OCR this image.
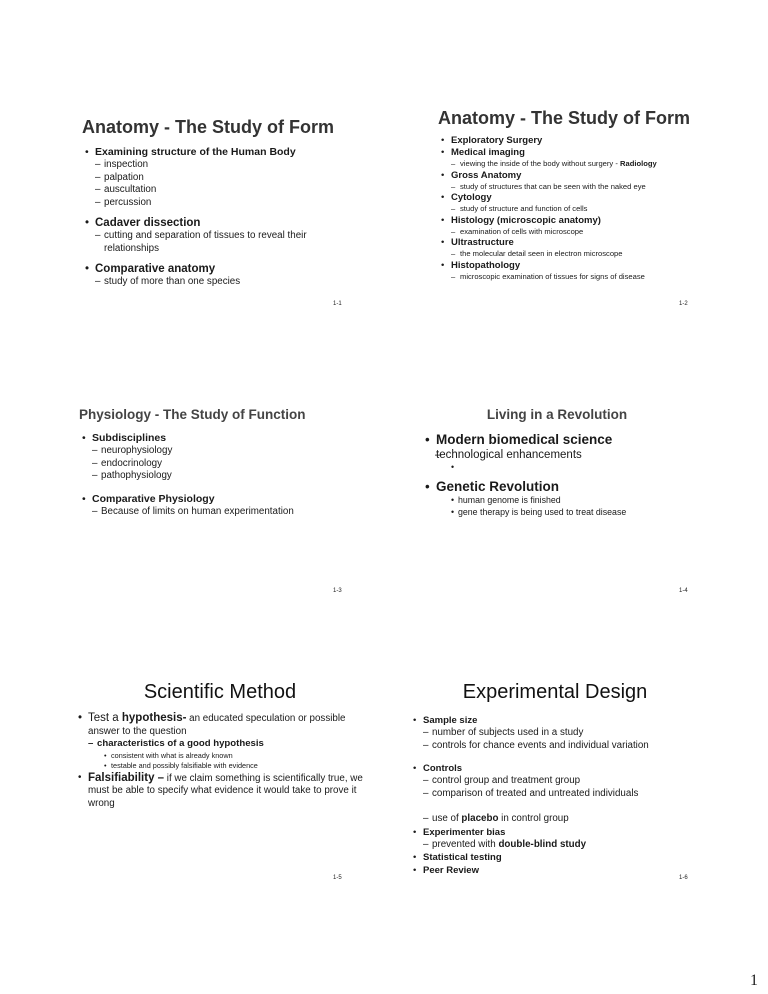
Anatomy - The Study of Form
• Examining structure of the Human Body
– inspection
– palpation
– auscultation
– percussion
• Cadaver dissection
– cutting and separation of tissues to reveal their relationships
• Comparative anatomy
– study of more than one species
1-1
Anatomy - The Study of Form
• Exploratory Surgery
• Medical imaging
– viewing the inside of the body without surgery - Radiology
• Gross Anatomy
– study of structures that can be seen with the naked eye
• Cytology
– study of structure and function of cells
• Histology (microscopic anatomy)
– examination of cells with microscope
• Ultrastructure
– the molecular detail seen in electron microscope
• Histopathology
– microscopic examination of tissues for signs of disease
1-2
Physiology - The Study of Function
• Subdisciplines
– neurophysiology
– endocrinology
– pathophysiology
• Comparative Physiology
– Because of limits on human experimentation
1-3
Living in a Revolution
• Modern biomedical science
– technological enhancements
•
• Genetic Revolution
• human genome is finished
• gene therapy is being used to treat disease
1-4
Scientific Method
• Test a hypothesis- an educated speculation or possible answer to the question
– characteristics of a good hypothesis
• consistent with what is already known
• testable and possibly falsifiable with evidence
• Falsifiability – if we claim something is scientifically true, we must be able to specify what evidence it would take to prove it wrong
1-5
Experimental Design
• Sample size
– number of subjects used in a study
– controls for chance events and individual variation
• Controls
– control group and treatment group
– comparison of treated and untreated individuals
– use of placebo in control group
• Experimenter bias
– prevented with double-blind study
• Statistical testing
• Peer Review
1-6
1
